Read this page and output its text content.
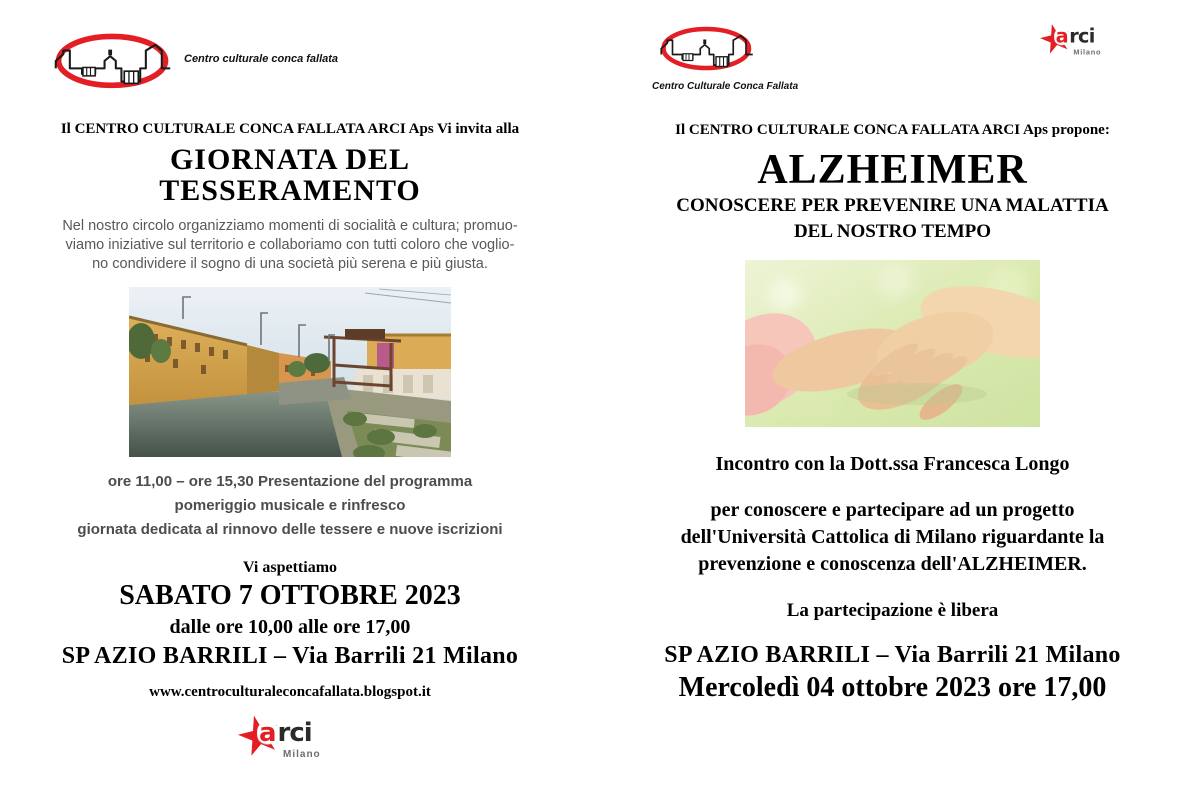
Centro culturale conca fallata
Il CENTRO CULTURALE CONCA FALLATA ARCI Aps Vi invita alla
GIORNATA DEL
TESSERAMENTO
Nel nostro circolo organizziamo momenti di socialità e cultura; promuo-
viamo iniziative sul territorio e collaboriamo con tutti coloro che voglio-
no condividere il sogno di una società più serena e più giusta.
ore 11,00 – ore 15,30 Presentazione del programma
pomeriggio musicale e rinfresco
giornata dedicata al rinnovo delle tessere e nuove iscrizioni
Vi aspettiamo
SABATO 7 OTTOBRE 2023
dalle ore 10,00 alle ore 17,00
SP AZIO BARRILI – Via Barrili 21 Milano
www.centroculturaleconcafallata.blogspot.it
arci
Milano
Centro Culturale Conca Fallata
arci
Milano
Il CENTRO CULTURALE CONCA FALLATA ARCI Aps propone:
ALZHEIMER
CONOSCERE PER PREVENIRE UNA MALATTIA
DEL NOSTRO TEMPO
Incontro con la Dott.ssa Francesca Longo
per conoscere e partecipare ad un progetto
dell'Università Cattolica di Milano riguardante la
prevenzione e conoscenza dell'ALZHEIMER.
La partecipazione è libera
SP AZIO BARRILI – Via Barrili 21 Milano
Mercoledì 04 ottobre 2023 ore 17,00
